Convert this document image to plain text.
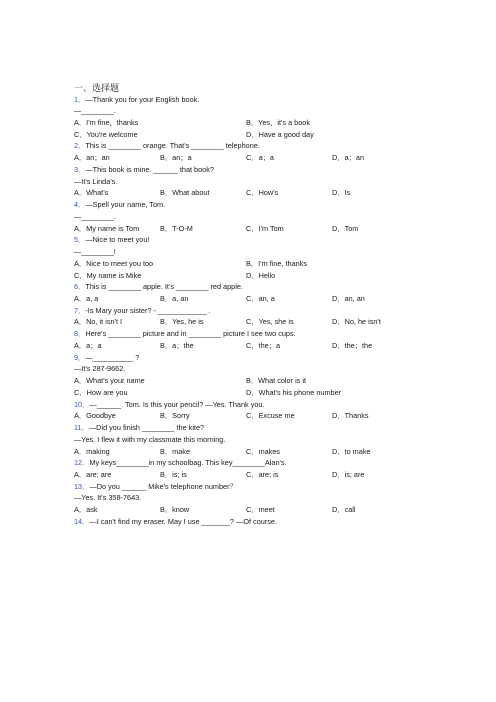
一、选择题
1．—Thank you for your English book.
—________.
A．I'm fine，thanks	B．Yes，it's a book
C．You're welcome	D．Have a good day
2．This is ________ orange. That's ________ telephone.
A．an；an	B．an；a	C．a；a	D．a；an
3．—This book is mine. ______ that book?
—It's Linda's.
A．What's	B．What about	C．How's	D．Is
4．—Spell your name, Tom.
—________.
A．My name is Tom	B．T-O-M	C．I'm Tom	D．Tom
5．—Nice to meet you!
—________!
A．Nice to meet you too	B．I'm fine, thanks
C．My name is Mike	D．Hello
6．This is ________ apple. It's ________ red apple.
A．a, a	B．a, an	C．an, a	D．an, an
7．-Is Mary your sister? - ____________ .
A．No, it isn't I	B．Yes, he is	C．Yes, she is	D．No, he isn't
8．Here's ________ picture and in ________ picture I see two cups.
A．a；a	B．a；the	C．the；a	D．the；the
9．—__________ ?
—It's 287-9662.
A．What's your name	B．What color is it
C．How are you	D．What's his phone number
10．—______. Tom. Is this your pencil? —Yes. Thank you.
A．Goodbye	B．Sorry	C．Excuse me	D．Thanks
11．—Did you finish ________ the kite?
—Yes. I flew it with my classmate this morning.
A．making	B．make	C．makes	D．to make
12．My keys________in my schoolbag. This key________Alan's.
A．are; are	B．is; is	C．are; is	D．is; are
13．—Do you ______ Mike's telephone number？
—Yes. It's 358-7643.
A．ask	B．know	C．meet	D．call
14．—I can't find my eraser. May I use _______? —Of course.
